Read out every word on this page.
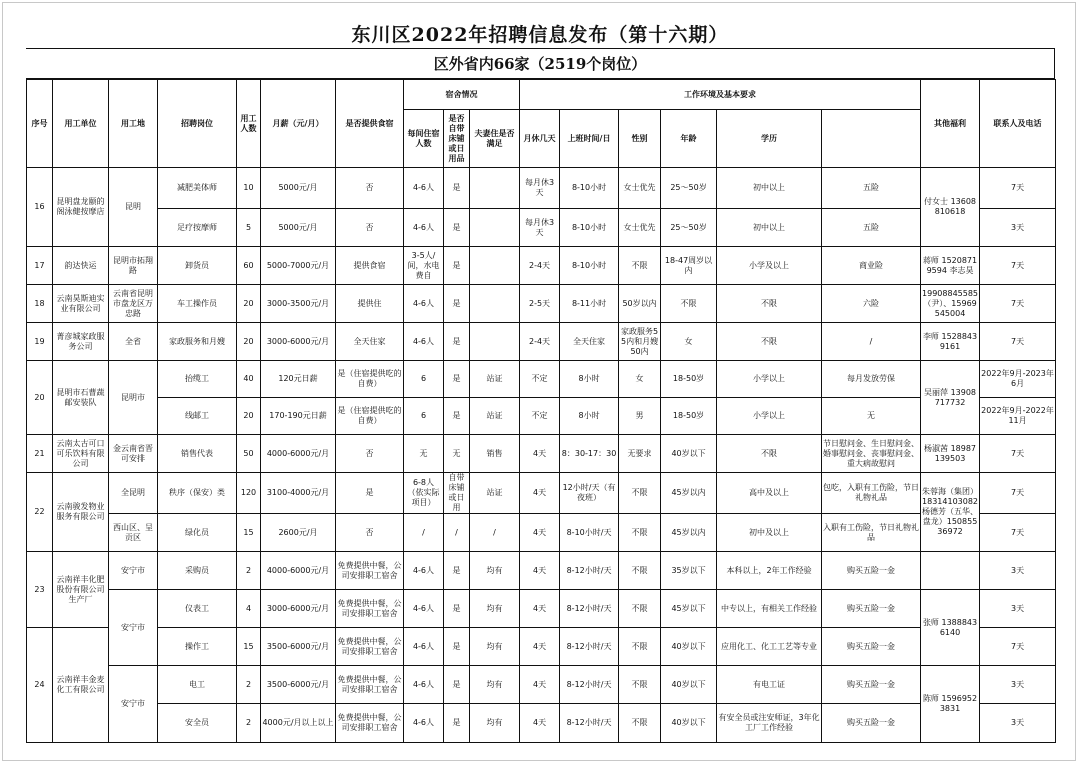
东川区2022年招聘信息发布（第十六期）
区外省内66家（2519个岗位）
序号	用工单位	用工地	招聘岗位	用工人数	月薪（元/月）	是否提供食宿	宿舍情况			工作环境及基本要求						其他福利	联系人及电话	
							每间住宿人数	是否自带床铺或日用品	夫妻住是否满足	月休几天	上班时间/日	性别	年龄	学历				
16	昆明盘龙颐的阁泳健按摩店	昆明	减肥美体师	10	5000元/月	否	4-6人	是		每月休3天	8-10小时	女士优先	25～50岁	初中以上	五险	付女士 13608810618	7天	
			足疗按摩师	5	5000元/月	否	4-6人	是		每月休3天	8-10小时	女士优先	25～50岁	初中以上	五险		3天	
17	韵达快运	昆明市拓翔路	卸货员	60	5000-7000元/月	提供食宿	3-5人/间，水电费自	是		2-4天	8-10小时	不限	18-47周岁以内	小学及以上	商业险	蒋师 15208719594 李志昊	7天	
18	云南昊斯迪实业有限公司	云南省昆明市盘龙区万忠路	车工操作员	20	3000-3500元/月	提供住	4-6人	是		2-5天	8-11小时	50岁以内	不限	不限	六险	19908845585（尹）、15969545004	7天	
19	菁彦城家政服务公司	全省	家政服务和月嫂	20	3000-6000元/月	全天住家	4-6人	是		2-4天	全天住家	家政服务55内和月嫂50内	女	不限	/	李师 15288439161	7天	
20	昆明市石曹蔬邮安装队	昆明市	抬缆工	40	120元日薪	是（住宿提供吃的自费）	6	是	站证	不定	8小时	女	18-50岁	小学以上	每月发放劳保	吴丽萍 13908717732	2022年9月-2023年6月	
			线邮工	20	170-190元日薪	是（住宿提供吃的自费）	6	是	站证	不定	8小时	男	18-50岁	小学以上	无		2022年9月-2022年11月	
21	云南太古可口可乐饮料有限公司	金云南省晋可安排	销售代表	50	4000-6000元/月	否	无	无	销售	4天	8：30-17：30	无要求	40岁以下	不限	节日慰问金、生日慰问金、婚事慰问金、丧事慰问金、重大病故慰问	杨淑茜 18987139503	7天	
22	云南骏发物业服务有限公司	全昆明	秩序（保安）类	120	3100-4000元/月	是	6-8人（依实际项目）	自带床铺或日用	站证	4天	12小时/天（有夜班）	不限	45岁以内	高中及以上	包吃，入职有工伤险，节日礼物礼品	朱蓉海（集团）18314103082 杨德芳（五华、盘龙）15085536972	7天	
		西山区、呈贡区	绿化员	15	2600元/月	否	/	/	/	4天	8-10小时/天	不限	45岁以内	初中及以上	入职有工伤险，节日礼物礼品		7天	
23	云南祥丰化肥股份有限公司生产厂	安宁市	采购员	2	4000-6000元/月	免费提供中餐，公司安排职工宿舍	4-6人	是	均有	4天	8-12小时/天	不限	35岁以下	本科以上，2年工作经验	购买五险一金		3天	
		安宁市	仪表工	4	3000-6000元/月	免费提供中餐，公司安排职工宿舍	4-6人	是	均有	4天	8-12小时/天	不限	45岁以下	中专以上，有相关工作经验	购买五险一金	张师 13888436140	3天	
24	云南祥丰金麦化工有限公司		操作工	15	3500-6000元/月	免费提供中餐，公司安排职工宿舍	4-6人	是	均有	4天	8-12小时/天	不限	40岁以下	应用化工、化工工艺等专业	购买五险一金		7天	
		安宁市	电工	2	3500-6000元/月	免费提供中餐，公司安排职工宿舍	4-6人	是	均有	4天	8-12小时/天	不限	40岁以下	有电工证	购买五险一金	陈师 15969523831	3天	
			安全员	2	4000元/月以上以上	免费提供中餐，公司安排职工宿舍	4-6人	是	均有	4天	8-12小时/天	不限	40岁以下	有安全员或注安师证，3年化工厂工作经验	购买五险一金		3天	
